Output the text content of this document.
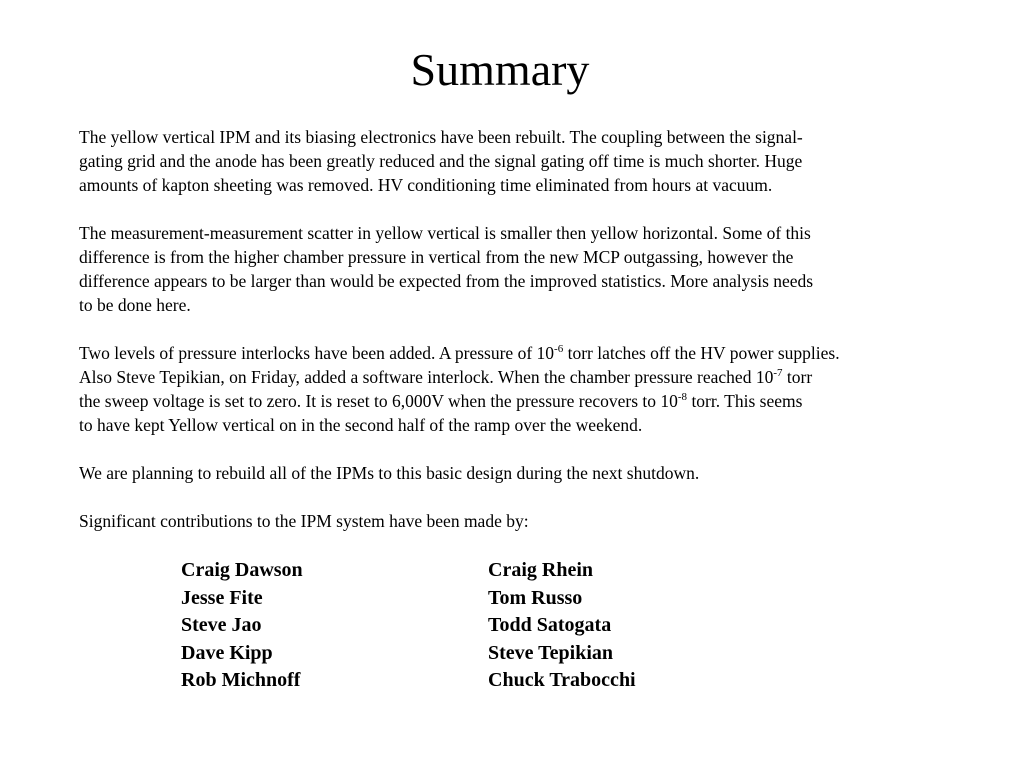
Summary

The yellow vertical IPM and its biasing electronics have been rebuilt. The coupling between the signal-
gating grid and the anode has been greatly reduced and the signal gating off time is much shorter. Huge
amounts of kapton sheeting was removed. HV conditioning time eliminated from hours at vacuum.

The measurement-measurement scatter in yellow vertical is smaller then yellow horizontal. Some of this
difference is from the higher chamber pressure in vertical from the new MCP outgassing, however the
difference appears to be larger than would be expected from the improved statistics. More analysis needs
to be done here.

Two levels of pressure interlocks have been added. A pressure of $10^{-6}$ torr latches off the HV power supplies.
Also Steve Tepikian, on Friday, added a software interlock. When the chamber pressure reached $10^{-7}$ torr
the sweep voltage is set to zero. It is reset to 6,000V when the pressure recovers to $10^{-8}$ torr. This seems
to have kept Yellow vertical on in the second half of the ramp over the weekend.

We are planning to rebuild all of the IPMs to this basic design during the next shutdown.

Significant contributions to the IPM system have been made by:

Craig Dawson
Jesse Fite
Steve Jao
Dave Kipp
Rob Michnoff
Craig Rhein
Tom Russo
Todd Satogata
Steve Tepikian
Chuck Trabocchi
